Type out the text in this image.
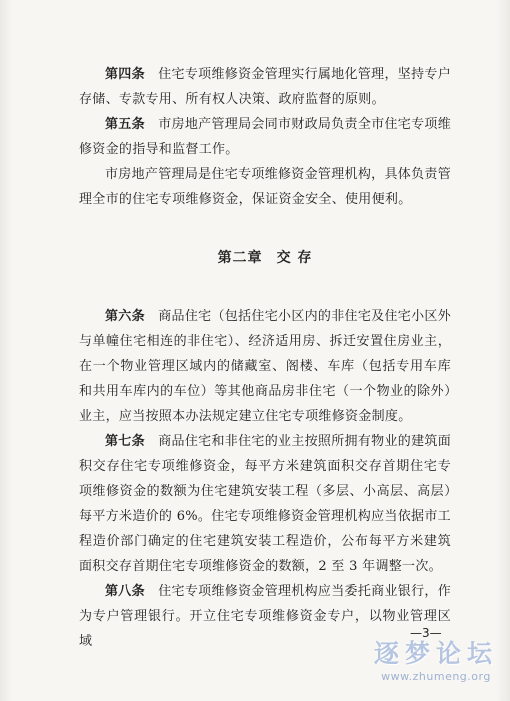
第四条　住宅专项维修资金管理实行属地化管理，坚持专户存储、专款专用、所有权人决策、政府监督的原则。

第五条　市房地产管理局会同市财政局负责全市住宅专项维修资金的指导和监督工作。

市房地产管理局是住宅专项维修资金管理机构，具体负责管理全市的住宅专项维修资金，保证资金安全、使用便利。

第二章 交 存

第六条　商品住宅（包括住宅小区内的非住宅及住宅小区外与单幢住宅相连的非住宅）、经济适用房、拆迁安置住房业主，在一个物业管理区域内的储藏室、阁楼、车库（包括专用车库和共用车库内的车位）等其他商品房非住宅（一个物业的除外）业主，应当按照本办法规定建立住宅专项维修资金制度。

第七条　商品住宅和非住宅的业主按照所拥有物业的建筑面积交存住宅专项维修资金，每平方米建筑面积交存首期住宅专项维修资金的数额为住宅建筑安装工程（多层、小高层、高层）每平方米造价的 6%。住宅专项维修资金管理机构应当依据市工程造价部门确定的住宅建筑安装工程造价，公布每平方米建筑面积交存首期住宅专项维修资金的数额，2 至 3 年调整一次。

第八条　住宅专项维修资金管理机构应当委托商业银行，作为专户管理银行。开立住宅专项维修资金专户，以物业管理区域

—3—
逐梦论坛
www.zhumeng.org
